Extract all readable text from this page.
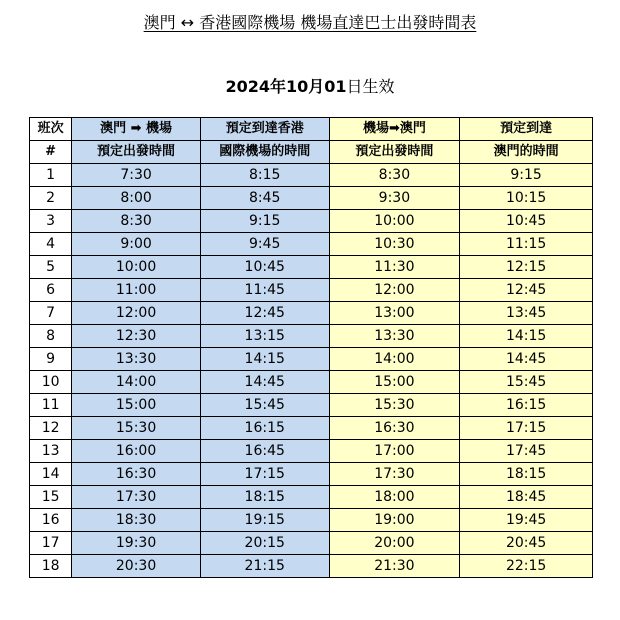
澳門 ↔ 香港國際機場 機場直達巴士出發時間表
2024年10月01日生效
班次	澳門 ➡ 機場	預定到達香港	機場➡澳門	預定到達
#	預定出發時間	國際機場的時間	預定出發時間	澳門的時間
1	7:30	8:15	8:30	9:15
2	8:00	8:45	9:30	10:15
3	8:30	9:15	10:00	10:45
4	9:00	9:45	10:30	11:15
5	10:00	10:45	11:30	12:15
6	11:00	11:45	12:00	12:45
7	12:00	12:45	13:00	13:45
8	12:30	13:15	13:30	14:15
9	13:30	14:15	14:00	14:45
10	14:00	14:45	15:00	15:45
11	15:00	15:45	15:30	16:15
12	15:30	16:15	16:30	17:15
13	16:00	16:45	17:00	17:45
14	16:30	17:15	17:30	18:15
15	17:30	18:15	18:00	18:45
16	18:30	19:15	19:00	19:45
17	19:30	20:15	20:00	20:45
18	20:30	21:15	21:30	22:15
